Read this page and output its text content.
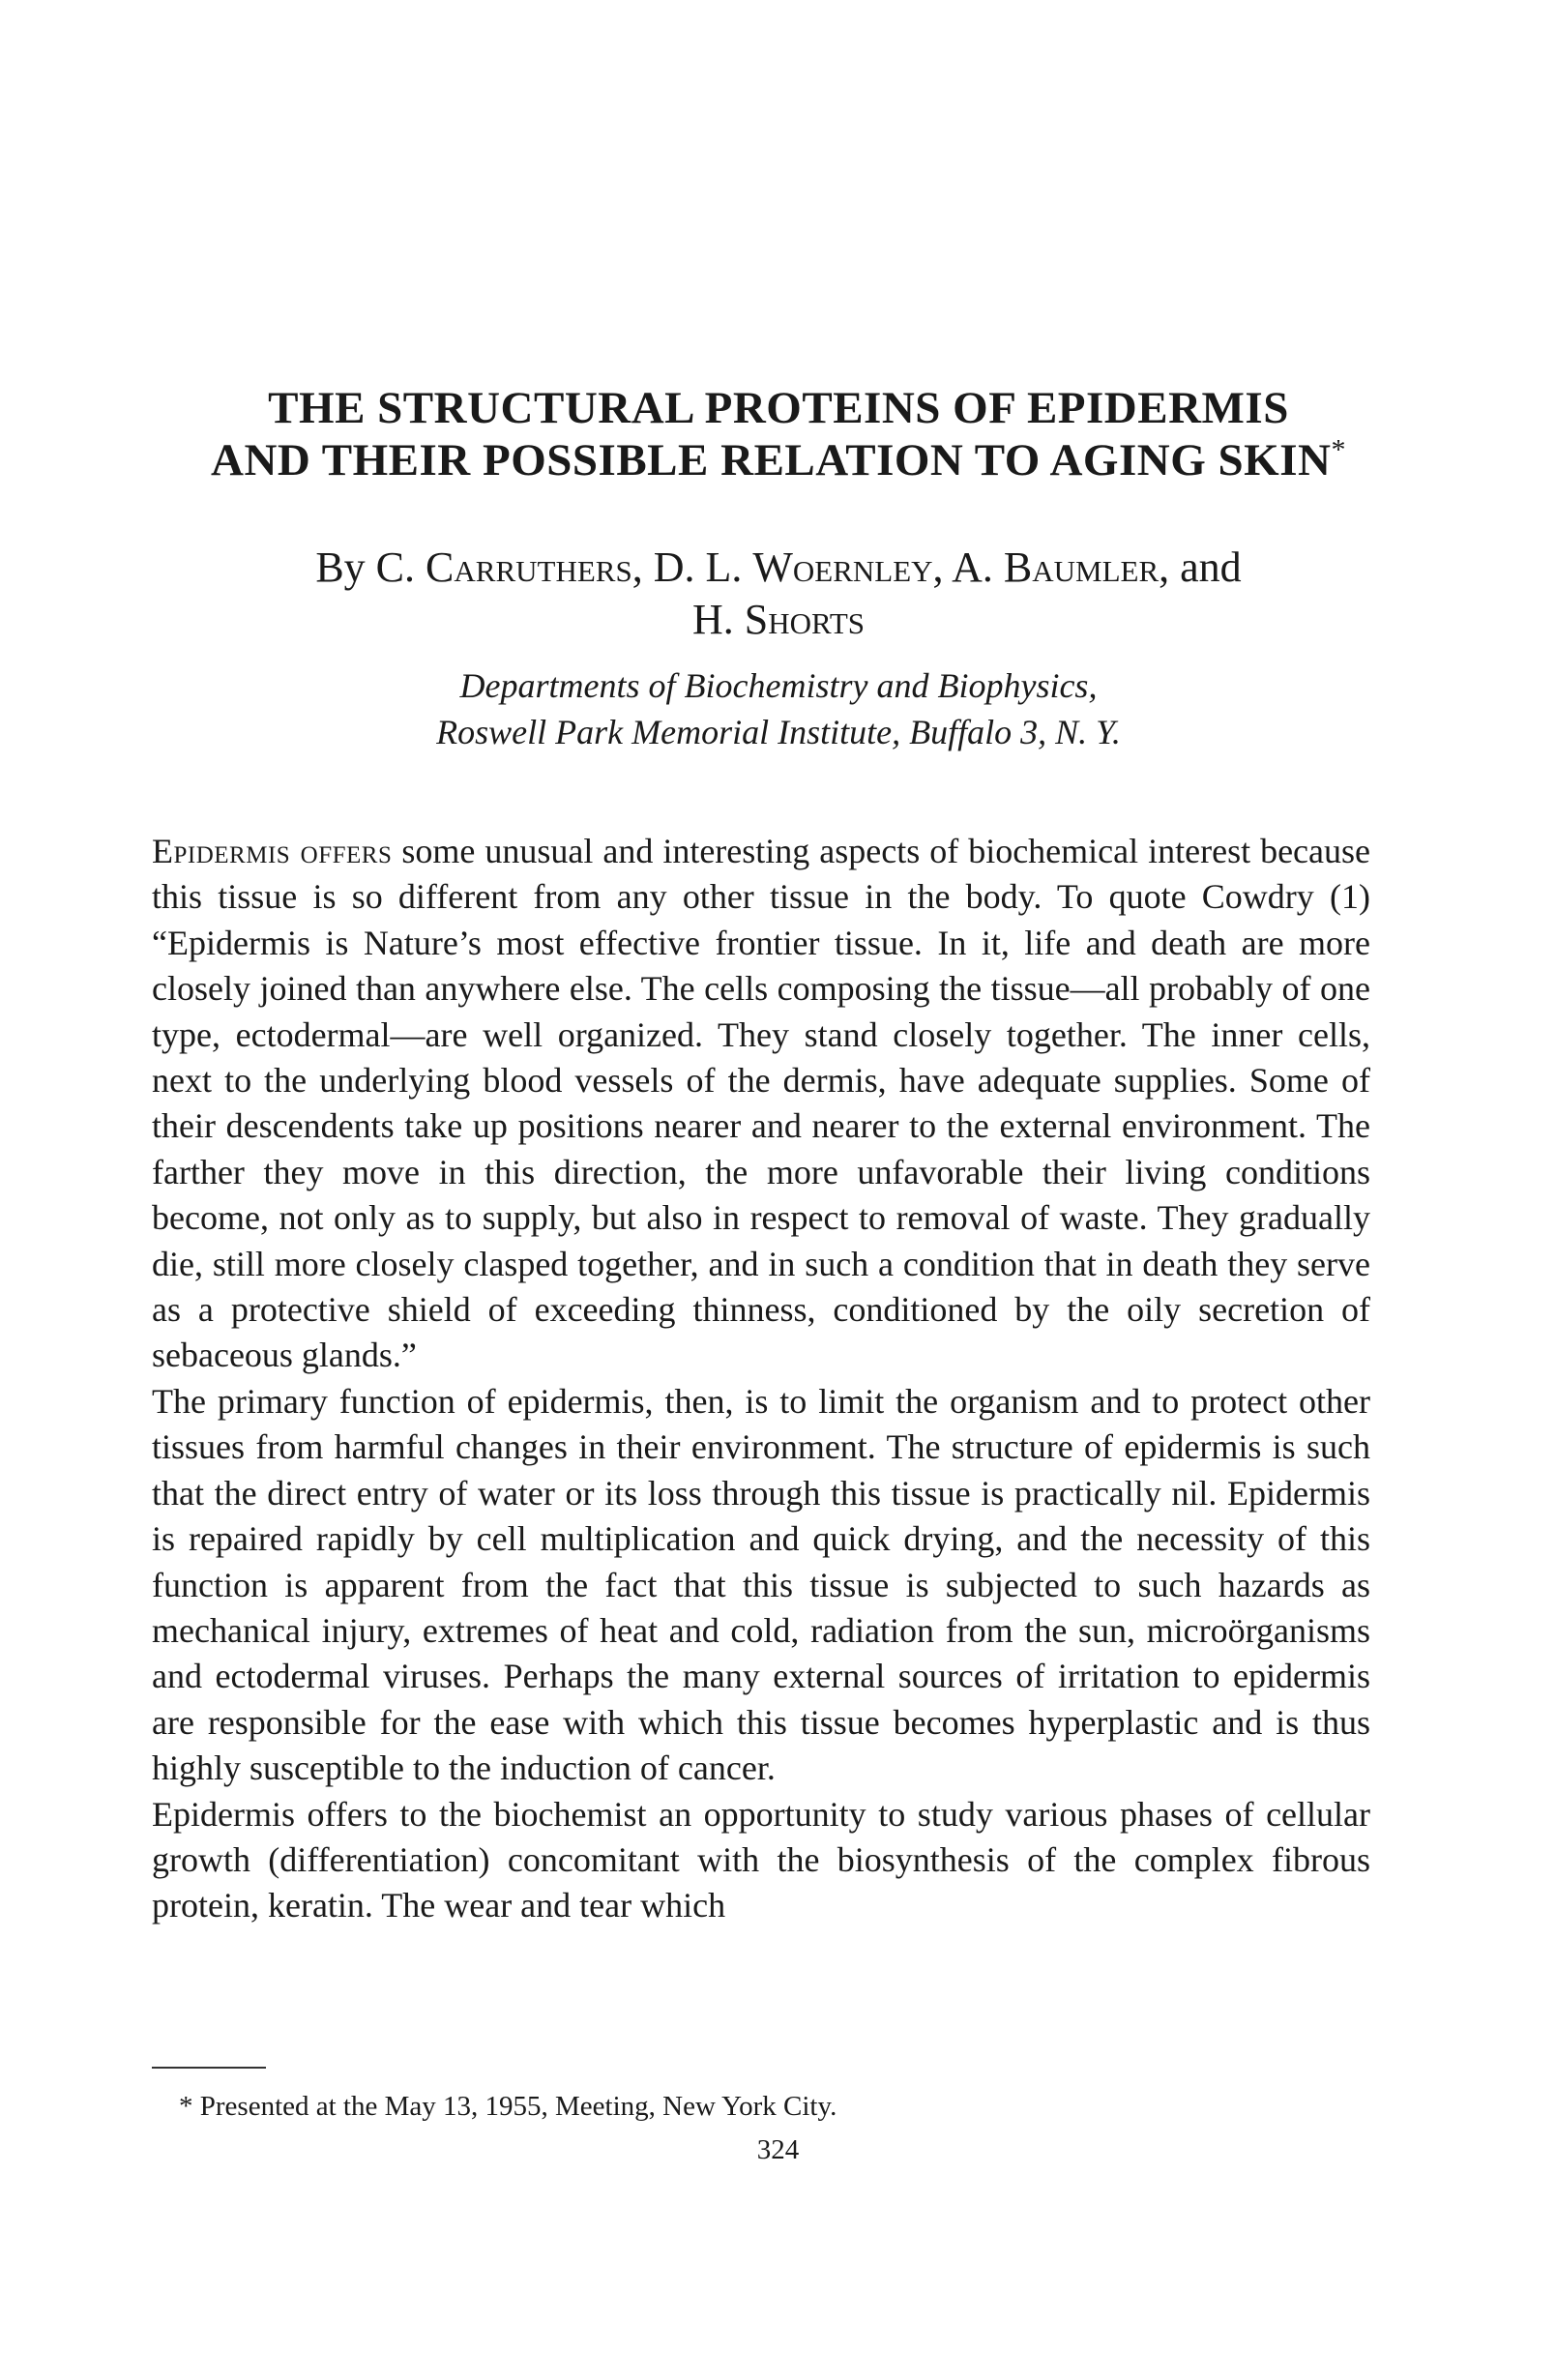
THE STRUCTURAL PROTEINS OF EPIDERMIS
AND THEIR POSSIBLE RELATION TO AGING SKIN*
By C. Carruthers, D. L. Woernley, A. Baumler, and
H. Shorts
Departments of Biochemistry and Biophysics,
Roswell Park Memorial Institute, Buffalo 3, N. Y.

Epidermis offers some unusual and interesting aspects of biochemical interest because this tissue is so different from any other tissue in the body. To quote Cowdry (1) “Epidermis is Nature’s most effective frontier tissue. In it, life and death are more closely joined than anywhere else. The cells composing the tissue—all probably of one type, ectodermal—are well organized. They stand closely together. The inner cells, next to the underlying blood vessels of the dermis, have adequate supplies. Some of their descendents take up positions nearer and nearer to the external environment. The farther they move in this direction, the more unfavorable their living conditions become, not only as to supply, but also in respect to removal of waste. They gradually die, still more closely clasped together, and in such a condition that in death they serve as a protective shield of exceeding thinness, conditioned by the oily secretion of sebaceous glands.”

The primary function of epidermis, then, is to limit the organism and to protect other tissues from harmful changes in their environment. The structure of epidermis is such that the direct entry of water or its loss through this tissue is practically nil. Epidermis is repaired rapidly by cell multiplication and quick drying, and the necessity of this function is apparent from the fact that this tissue is subjected to such hazards as mechanical injury, extremes of heat and cold, radiation from the sun, microörganisms and ectodermal viruses. Perhaps the many external sources of irritation to epidermis are responsible for the ease with which this tissue becomes hyperplastic and is thus highly susceptible to the induction of cancer.

Epidermis offers to the biochemist an opportunity to study various phases of cellular growth (differentiation) concomitant with the biosynthesis of the complex fibrous protein, keratin. The wear and tear which

* Presented at the May 13, 1955, Meeting, New York City.
324
